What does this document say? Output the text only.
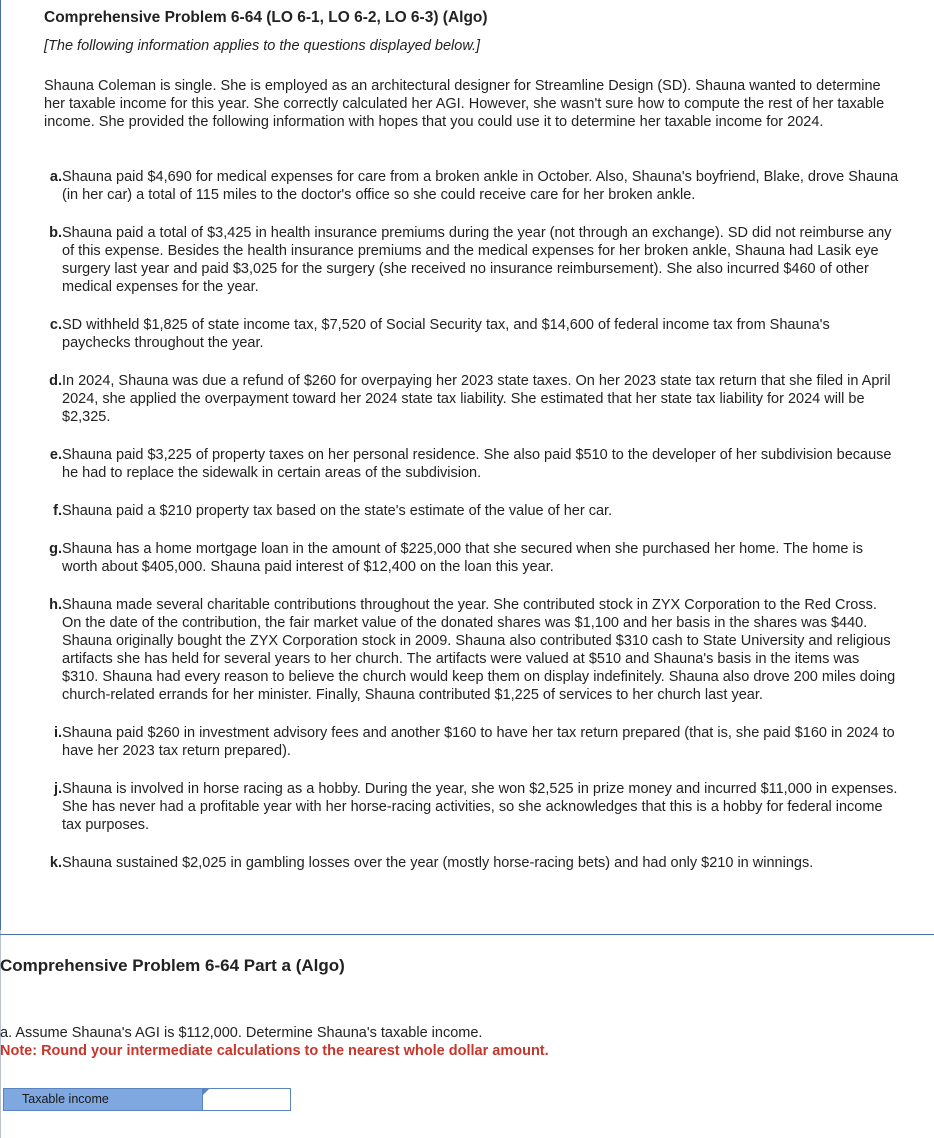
Comprehensive Problem 6-64 (LO 6-1, LO 6-2, LO 6-3) (Algo)
[The following information applies to the questions displayed below.]
Shauna Coleman is single. She is employed as an architectural designer for Streamline Design (SD). Shauna wanted to determine her taxable income for this year. She correctly calculated her AGI. However, she wasn't sure how to compute the rest of her taxable income. She provided the following information with hopes that you could use it to determine her taxable income for 2024.
a. Shauna paid $4,690 for medical expenses for care from a broken ankle in October. Also, Shauna's boyfriend, Blake, drove Shauna (in her car) a total of 115 miles to the doctor's office so she could receive care for her broken ankle.
b. Shauna paid a total of $3,425 in health insurance premiums during the year (not through an exchange). SD did not reimburse any of this expense. Besides the health insurance premiums and the medical expenses for her broken ankle, Shauna had Lasik eye surgery last year and paid $3,025 for the surgery (she received no insurance reimbursement). She also incurred $460 of other medical expenses for the year.
c. SD withheld $1,825 of state income tax, $7,520 of Social Security tax, and $14,600 of federal income tax from Shauna's paychecks throughout the year.
d. In 2024, Shauna was due a refund of $260 for overpaying her 2023 state taxes. On her 2023 state tax return that she filed in April 2024, she applied the overpayment toward her 2024 state tax liability. She estimated that her state tax liability for 2024 will be $2,325.
e. Shauna paid $3,225 of property taxes on her personal residence. She also paid $510 to the developer of her subdivision because he had to replace the sidewalk in certain areas of the subdivision.
f. Shauna paid a $210 property tax based on the state's estimate of the value of her car.
g. Shauna has a home mortgage loan in the amount of $225,000 that she secured when she purchased her home. The home is worth about $405,000. Shauna paid interest of $12,400 on the loan this year.
h. Shauna made several charitable contributions throughout the year. She contributed stock in ZYX Corporation to the Red Cross. On the date of the contribution, the fair market value of the donated shares was $1,100 and her basis in the shares was $440. Shauna originally bought the ZYX Corporation stock in 2009. Shauna also contributed $310 cash to State University and religious artifacts she has held for several years to her church. The artifacts were valued at $510 and Shauna's basis in the items was $310. Shauna had every reason to believe the church would keep them on display indefinitely. Shauna also drove 200 miles doing church-related errands for her minister. Finally, Shauna contributed $1,225 of services to her church last year.
i. Shauna paid $260 in investment advisory fees and another $160 to have her tax return prepared (that is, she paid $160 in 2024 to have her 2023 tax return prepared).
j. Shauna is involved in horse racing as a hobby. During the year, she won $2,525 in prize money and incurred $11,000 in expenses. She has never had a profitable year with her horse-racing activities, so she acknowledges that this is a hobby for federal income tax purposes.
k. Shauna sustained $2,025 in gambling losses over the year (mostly horse-racing bets) and had only $210 in winnings.
Comprehensive Problem 6-64 Part a (Algo)
a. Assume Shauna's AGI is $112,000. Determine Shauna's taxable income.
Note: Round your intermediate calculations to the nearest whole dollar amount.
Taxable income
